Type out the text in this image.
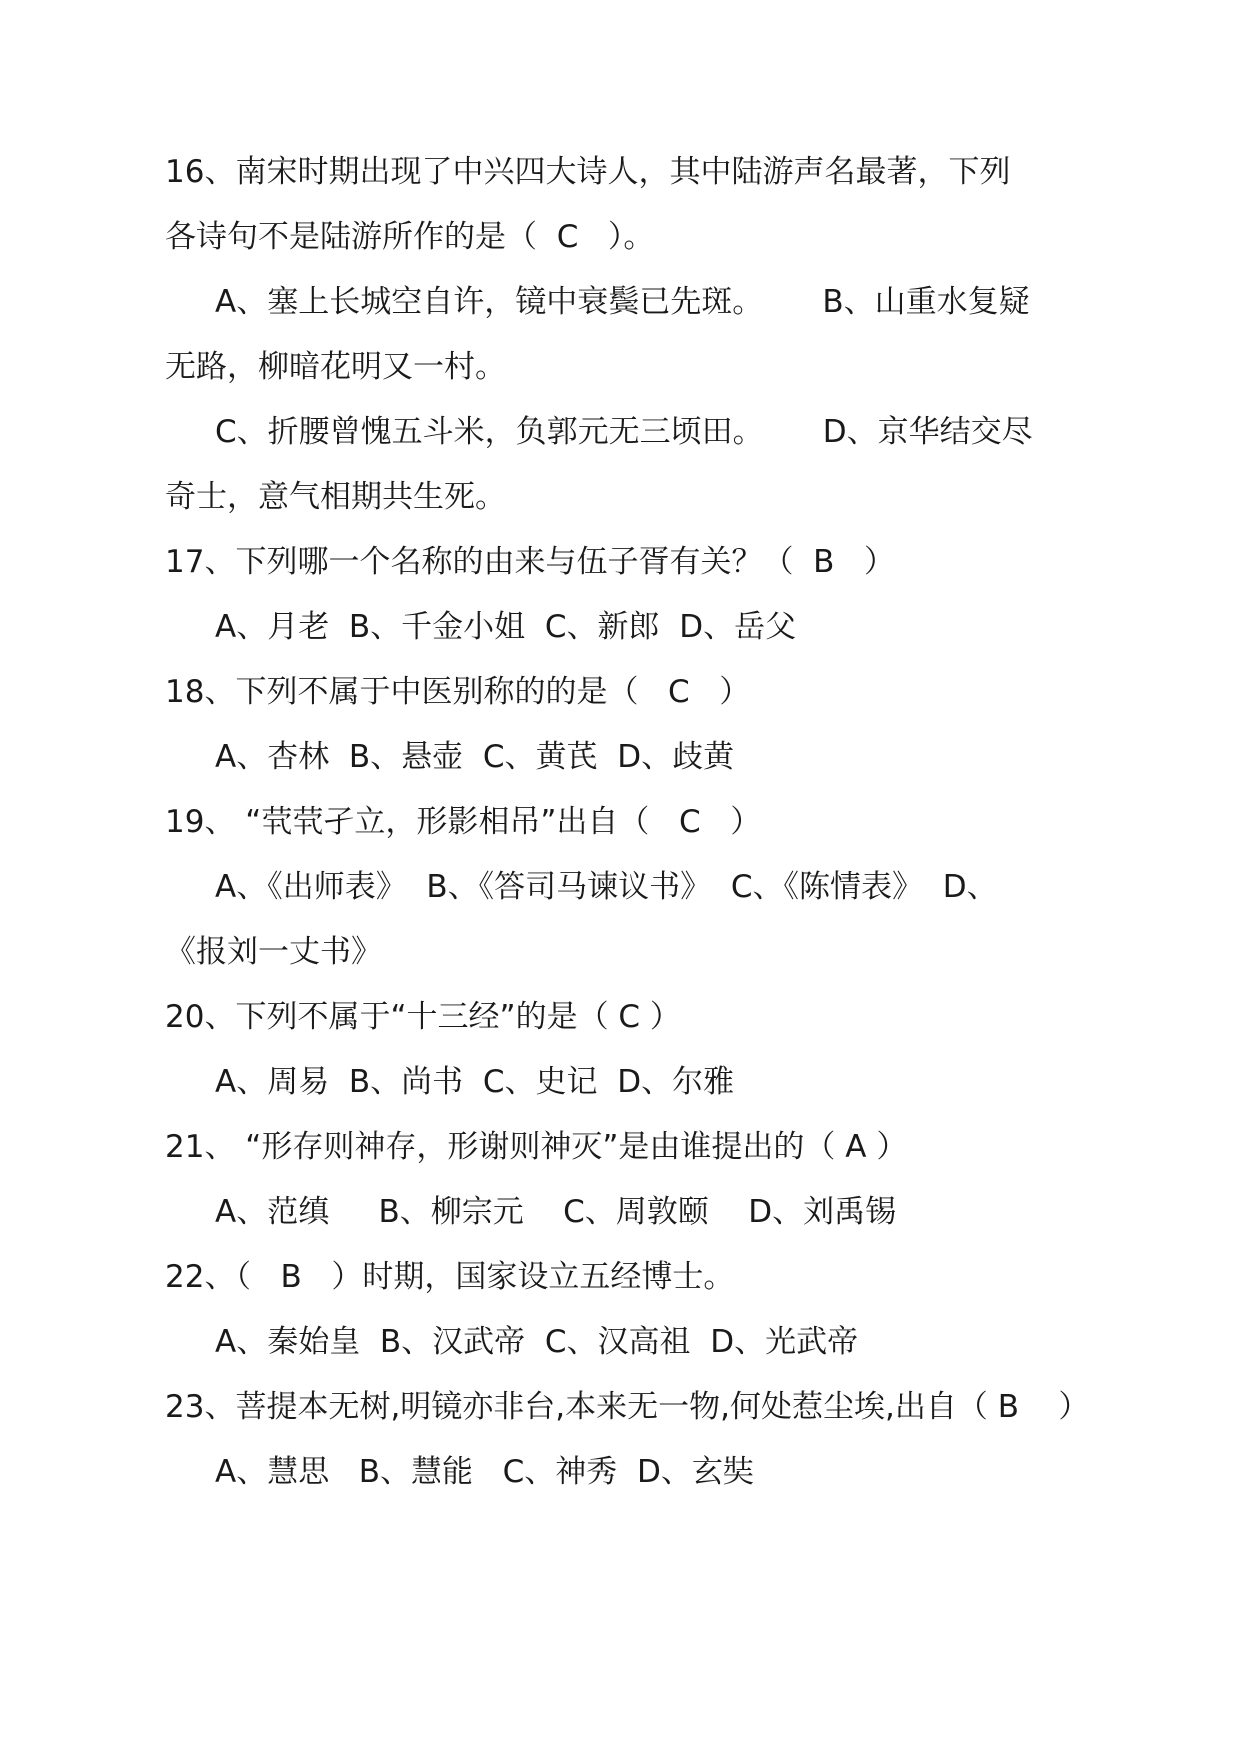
16、南宋时期出现了中兴四大诗人，其中陆游声名最著，下列
各诗句不是陆游所作的是（  C   ）。
A、塞上长城空自许，镜中衰鬓已先斑。      B、山重水复疑
无路，柳暗花明又一村。
C、折腰曾愧五斗米，负郭元无三顷田。      D、京华结交尽
奇士，意气相期共生死。
17、下列哪一个名称的由来与伍子胥有关？（  B   ）
A、月老  B、千金小姐  C、新郎  D、岳父
18、下列不属于中医别称的的是（   C   ）
A、杏林  B、悬壶  C、黄芪  D、歧黄
19、 “茕茕孑立，形影相吊”出自（   C   ）
A、《出师表》  B、《答司马谏议书》  C、《陈情表》  D、
《报刘一丈书》
20、下列不属于“十三经”的是（ C ）
A、周易  B、尚书  C、史记  D、尔雅
21、 “形存则神存，形谢则神灭”是由谁提出的（ A ）
A、范缜     B、柳宗元    C、周敦颐    D、刘禹锡
22、（   B   ）时期，国家设立五经博士。
A、秦始皇  B、汉武帝  C、汉高祖  D、光武帝
23、菩提本无树,明镜亦非台,本来无一物,何处惹尘埃,出自（ B    ）
A、慧思   B、慧能   C、神秀  D、玄奘
